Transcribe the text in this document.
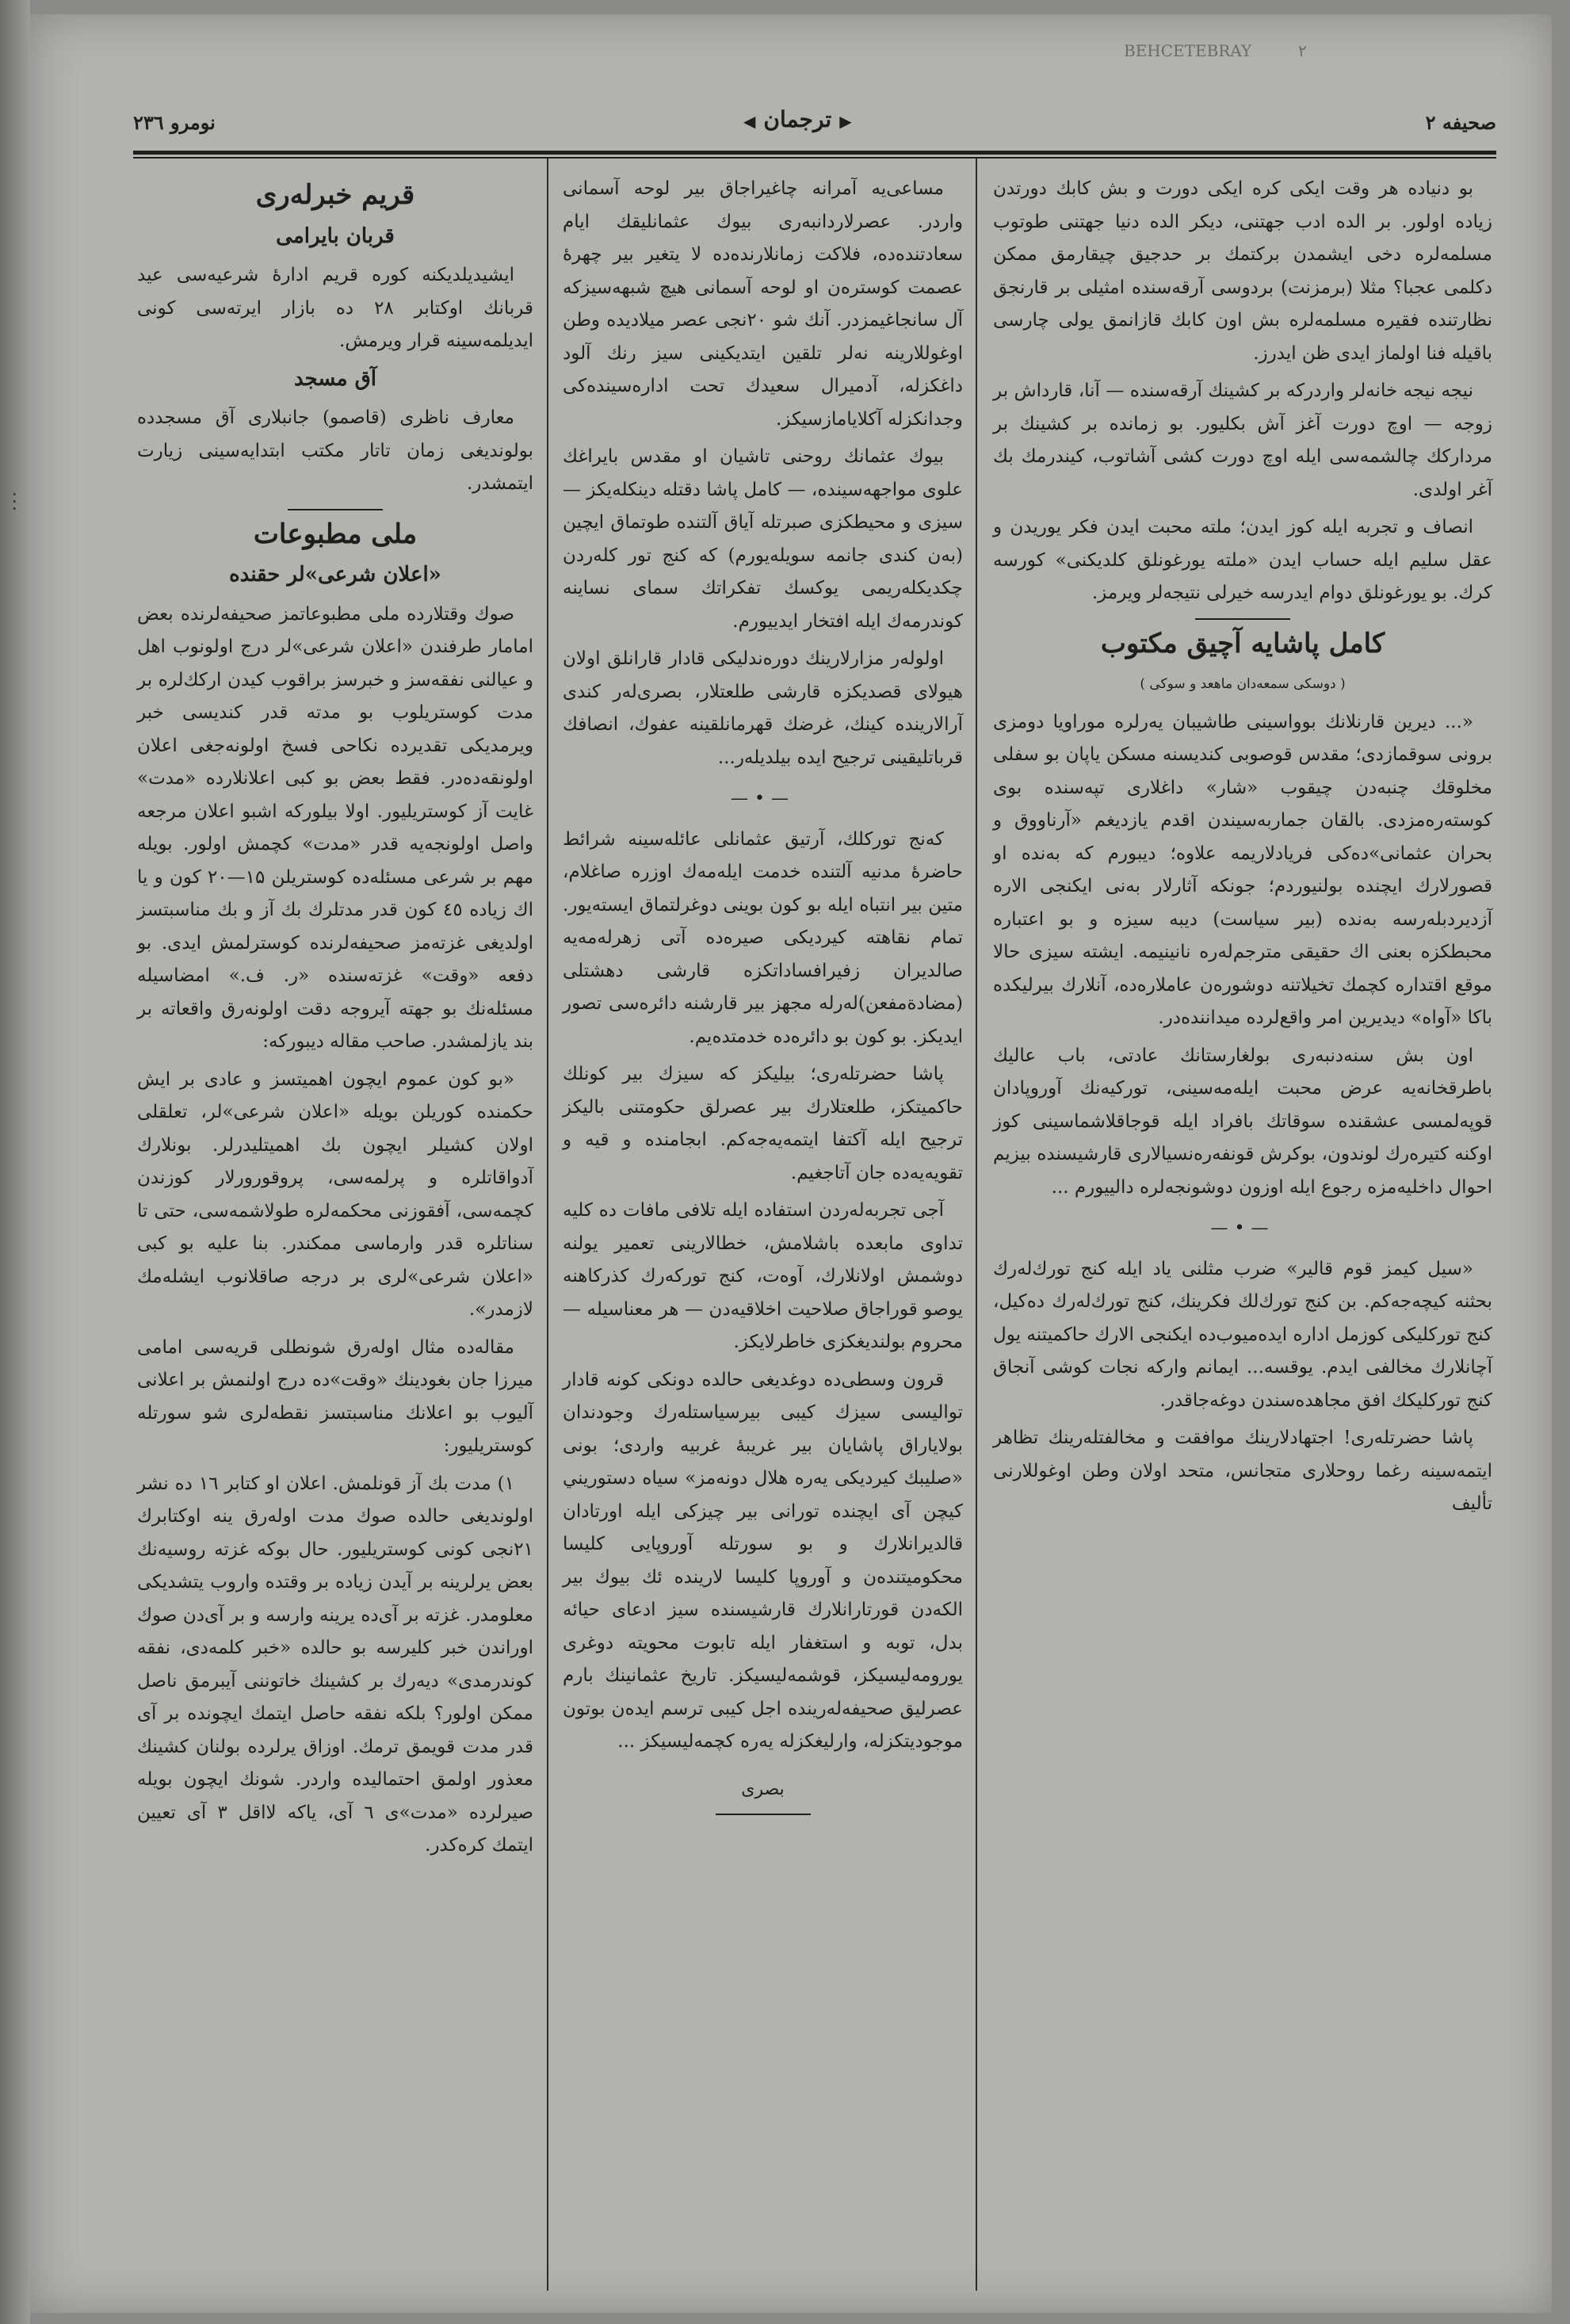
...
۲
BEHCETEBRAY
نومرو ۲۳٦
▶	ترجمان ◀	صحيفه ۲

بو دنياده هر وقت ايكى كره ايكى دورت و بش كابك دورتدن زياده اولور. بر الده ادب جهتنى، ديكر الده دنيا جهتنى طوتوب مسلمه‌لره دخى ايشمدن بركتمك بر حدجيق چيقارمق ممكن دكلمى عجبا؟ مثلا (برمزنت) بردوسى آرقه‌سنده امثيلى بر قارنجق نظارتنده فقيره مسلمه‌لره بش اون كابك قازانمق يولى چارسى باقيله فنا اولماز ايدى ظن ايدرز.

نيجه نيجه خانه‌لر واردركه بر كشينك آرقه‌سنده — آنا، قارداش بر زوجه — اوچ دورت آغز آش بكليور. بو زمانده بر كشينك بر مرداركك چالشمه‌سى ايله اوچ دورت كشى آشاتوب، كيندرمك بك آغر اولدى.

انصاف و تجربه ايله كوز ايدن؛ ملته محبت ايدن فكر يوريدن و عقل سليم ايله حساب ايدن «ملته يورغونلق كلديكنى» كورسه كرك. بو يورغونلق دوام ايدرسه خيرلى نتيجه‌لر ويرمز.

كامل پاشايه آچيق مكتوب
( دوسكى سمعه‌دان ماهعد و سوكى )

«... ديرين قارنلانك بوواسينى طاشيبان يه‌رلره موراويا دومزى برونى سوقمازدى؛ مقدس قوصوبى كنديسنه مسكن ياپان بو سفلى مخلوقك چنبه‌دن چيقوب «شار» داغلارى تپه‌سنده بوى كوسته‌ره‌مزدى. بالقان جماربه‌سيندن اقدم يازديغم «آرناووق و بحران عثمانى»ده‌كى فريادلاريمه علاوه؛ ديبورم كه بەنده او قصورلارك ايچنده بولنيوردم؛ جونكه آثارلار بەنى ايكنجى الاره آزديردبلەرسه بەنده (بير سياست) ديبه سيزه و بو اعتباره محبطكزه بعنى اك حقيقى مترجم‌لەره نانينيمه. ايشته سيزى حالا موقع اقتداره كچمك تخيلاتنه دوشوره‌ن عاملاره‌ده، آنلارك بيرليكده باكا «آواه» ديديرين امر واقع‌لرده ميداننده‌در.

اون بش سنه‌دنبەرى بولغارستانك عادتى، باب عاليك باطرقخانه‌يه عرض محبت ايله‌مه‌سينى، توركيه‌نك آوروپادان قوپه‌لمسى عشقنده سوقاتك بافراد ايله قوجاقلاشماسينى كوز اوكنه كتيره‌رك لوندون، بوكرش قونفه‌ره‌نسيالارى قارشيسنده بيزيم احوال داخليه‌مزه رجوع ايله اوزون دوشونجه‌لره دالييورم ...

—•—

«سيل كيمز قوم قالير» ضرب مثلنى ياد ايله كنج تورك‌لەرك بحثنه كيچه‌جه‌كم. بن كنج تورك‌لك فكرينك، كنج تورك‌لەرك ده‌كيل، كنج توركليكى كوزمل اداره ايده‌ميوب‌ده ايكنجى الارك حاكميتنه يول آچانلارك مخالفى ايدم. يوقسه... ايمانم واركه نجات كوشى آنجاق كنج توركليكك افق مجاهده‌سندن دوغه‌جاقدر.

پاشا حضرتلەرى! اجتهادلارينك موافقت و مخالفتلەرينك تظاهر ايتمه‌سينه رغما روحلارى متجانس، متحد اولان وطن اوغوللارنى تأليف

مساعى‌يه آمرانه چاغيراجاق بير لوحه آسمانى واردر. عصرلاردانبەرى بيوك عثمانليقك ايام سعادتنده‌ده، فلاكت زمانلارنده‌ده لا يتغير بير چهرهٔ عصمت كوسترەن او لوحه آسمانى هيچ شبهه‌سيزكه آل سانجاغيمزدر. آنك شو ۲۰نجى عصر ميلاديده وطن اوغوللارينه نه‌لر تلقين ايتديكينى سيز رنك آلود داغكزله، آدميرال سعيدك تحت اداره‌سينده‌كى وجدانكزله آكلايامازسيكز.

بيوك عثمانك روحنى تاشيان او مقدس بايراغك علوى مواجهه‌سينده، — كامل پاشا دقتله دينكله‌يكز — سيزى و محيطكزى صبرتله آياق آلتنده طوتماق ايچين (بەن كندى جانمه سويله‌يورم) كه كنج تور كله‌ردن چكديكله‌ريمى يوكسك تفكراتك سماى نساينه كوندرمه‌ك ايله افتخار ايدييورم.

اولولەر مزارلارينك دوره‌ندليكى قادار قارانلق اولان هيولاى قصديكزه قارشى طلعتلار، بصرى‌لەر كندى آرالارينده كينك، غرضك قهرمانلقينه عفوك، انصافك قرباتليقينى ترجيح ايده بيلديلەر...

—•—

كەنج توركلك، آرتيق عثمانلى عائله‌سينه شرائط حاضرهٔ مدنيه آلتنده خدمت ايله‌مەك اوزره صاغلام، متين بير انتباه ايله بو كون بوينى دوغرلتماق ايستەيور. تمام نقاهته كيرديكى صيره‌ده آتى زهرله‌مەيه صالديران زفيرافساداتكزه قارشى دهشتلى (مضادةمفعن)لەرله مجهز بير قارشنه دائره‌سى تصور ايديكز. بو كون بو دائره‌ده خدمتده‌يم.

پاشا حضرتلەرى؛ بيليكز كه سيزك بير كونلك حاكميتكز، طلعتلارك بير عصرلق حكومتنى باليكز ترجيح ايله آكتفا ايتمه‌يه‌جه‌كم. ابجامنده و قيه و تقويه‌يه‌ده جان آتاجغيم.

آجى تجربه‌لەردن استفاده ايله تلافى مافات ده كليه تداوى مابعده باشلامش، خطالارينى تعمير يولنه دوشمش اولانلارك، آوەت، كنج توركه‌رك كذركاهنه يوصو قوراجاق صلاحيت اخلاقيه‌دن — هر معناسيله — محروم بولنديغكزى خاطرلايكز.

قرون وسطى‌ده دوغديغى حالده دونكى كونه قادار تواليسى سيزك كيبى بيرسياستلەرك وجودندان بولاياراق پاشايان بير غريبهٔ غربيه واردى؛ بونى «صليبك كيرديكى يه‌ره هلال دونه‌مز» سياه دستوريني كيچن آى ايچنده تورانى بير چيزكى ايله اورتادان قالديرانلارك و بو سورتله آوروپايى كليسا محكوميتندەن و آوروپا كليسا لاريندە ئك بيوك بير الكه‌دن قورتارانلارك قارشيسنده سيز ادعاى حيائه بدل، توبه و استغفار ايله تابوت محويته دوغرى يورومه‌ليسيكز، قوشمه‌ليسيكز. تاريخ عثمانينك بارم عصرليق صحيفه‌لەرينده اجل كيبى ترسم ايدەن بوتون موجوديتكزله، وارليغكزله يه‌ره كچمه‌ليسيكز ...

بصرى
قريم خبرلەرى
قربان بايرامى

ايشيديلديكنه كوره قريم ادارهٔ شرعيه‌سى عيد قربانك اوكتابر ۲۸ ده بازار ايرتەسى كونى ايديلمه‌سينه قرار ويرمش.

آق مسجد

معارف ناظرى (قاصمو) جانبلارى آق مسجدده بولونديغى زمان تاتار مكتب ابتدايه‌سينى زيارت ايتمشدر.

ملى مطبوعات
«اعلان شرعى»لر حقنده

صوك وقتلارده ملى مطبوعاتمز صحيفه‌لرنده بعض امامار طرفندن «اعلان شرعى»لر درج اولونوب اهل و عيالنى نفقه‌سز و خبرسز براقوب كيدن اركك‌لره بر مدت كوستريلوب بو مدته قدر كنديسى خبر ويرمديكى تقديرده نكاحى فسخ اولونه‌جغى اعلان اولونقه‌ده‌در. فقط بعض بو كبى اعلانلارده «مدت» غايت آز كوستريليور. اولا بيلوركه اشبو اعلان مرجعه واصل اولونجه‌يه قدر «مدت» كچمش اولور. بويله مهم بر شرعى مسئله‌ده كوستريلن ۱۵—۲۰ كون و يا اك زياده ٤٥ كون قدر مدتلرك بك آز و بك مناسبتسز اولديغى غزته‌مز صحيفه‌لرنده كوسترلمش ايدى. بو دفعه «وقت» غزته‌سنده «ر. ف.» امضاسيله مسئله‌نك بو جهته آيروجه دقت اولونه‌رق واقعاته بر بند يازلمشدر. صاحب مقاله ديبوركه:

«بو كون عموم ايچون اهميتسز و عادى بر ايش حكمنده كوريلن بويله «اعلان شرعى»لر، تعلقلى اولان كشيلر ايچون بك اهميتليدرلر. بونلارك آدواقاتلره و پرلمه‌سى، پروقورورلار كوزندن كچمه‌سى، آفقوزنى محكمه‌لره طولاشمه‌سى، حتى تا سناتلره قدر وارماسى ممكندر. بنا عليه بو كبى «اعلان شرعى»لرى بر درجه صاقلانوب ايشلەمك لازمدر».

مقاله‌ده مثال اولەرق شونطلى قريه‌سى امامى ميرزا جان بغودينك «وقت»ده درج اولنمش بر اعلانى آليوب بو اعلانك مناسبتسز نقطه‌لرى شو سورتله كوستريليور:

۱) مدت بك آز قونلمش. اعلان او كتابر ۱٦ ده نشر اولونديغى حالده صوك مدت اولەرق ينه اوكتابرك ۲۱نجى كونى كوستريليور. حال بوكه غزته روسيه‌نك بعض يرلرينه بر آيدن زياده بر وقتده واروب يتشديكى معلومدر. غزته بر آى‌ده يرينه وارسه و بر آى‌دن صوك اوراندن خبر كليرسه بو حالده «خبر كلمه‌دى، نفقه كوندرمدى» ديەرك بر كشينك خاتوننى آيبرمق ناصل ممكن اولور؟ بلكه نفقه حاصل ايتمك ايچونده بر آى قدر مدت قويمق ترمك. اوزاق يرلرده بولنان كشينك معذور اولمق احتماليده واردر. شونك ايچون بويله صيرلرده «مدت»ى ٦ آى، ياكه لااقل ۳ آى تعيين ايتمك كرەكدر.
